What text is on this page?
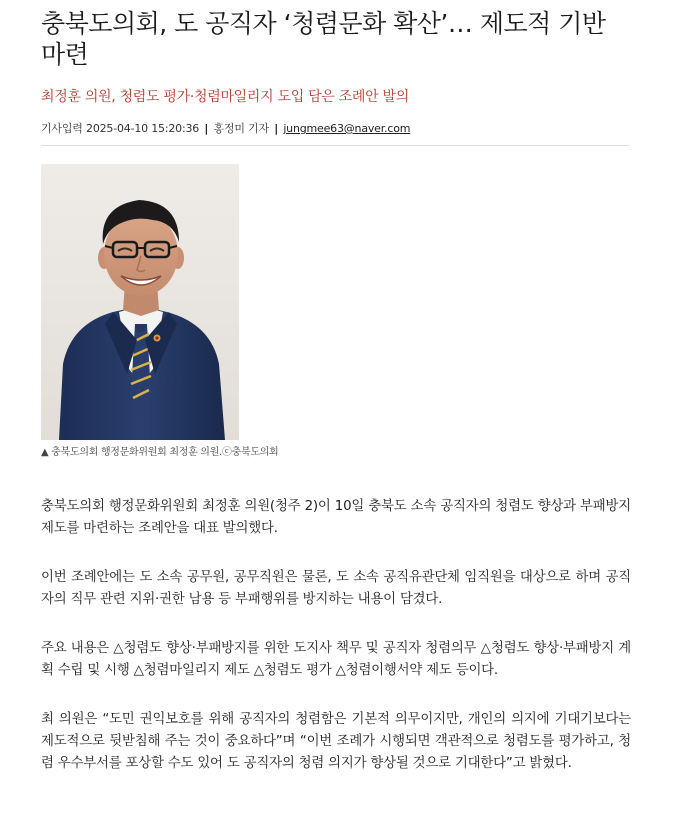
충북도의회, 도 공직자 ‘청렴문화 확산’… 제도적 기반 마련
최정훈 의원, 청렴도 평가·청렴마일리지 도입 담은 조례안 발의
기사입력 2025-04-10 15:20:36 | 홍정미 기자 | jungmee63@naver.com
▲ 충북도의회 행정문화위원회 최정훈 의원.ⓒ충북도의회

충북도의회 행정문화위원회 최정훈 의원(청주 2)이 10일 충북도 소속 공직자의 청렴도 향상과 부패방지 제도를 마련하는 조례안을 대표 발의했다.

이번 조례안에는 도 소속 공무원, 공무직원은 물론, 도 소속 공직유관단체 임직원을 대상으로 하며 공직자의 직무 관련 지위·권한 남용 등 부패행위를 방지하는 내용이 담겼다.

주요 내용은 △청렴도 향상·부패방지를 위한 도지사 책무 및 공직자 청렴의무 △청렴도 향상·부패방지 계획 수립 및 시행 △청렴마일리지 제도 △청렴도 평가 △청렴이행서약 제도 등이다.

최 의원은 “도민 권익보호를 위해 공직자의 청렴함은 기본적 의무이지만, 개인의 의지에 기대기보다는 제도적으로 뒷받침해 주는 것이 중요하다”며 “이번 조례가 시행되면 객관적으로 청렴도를 평가하고, 청렴 우수부서를 포상할 수도 있어 도 공직자의 청렴 의지가 향상될 것으로 기대한다”고 밝혔다.
